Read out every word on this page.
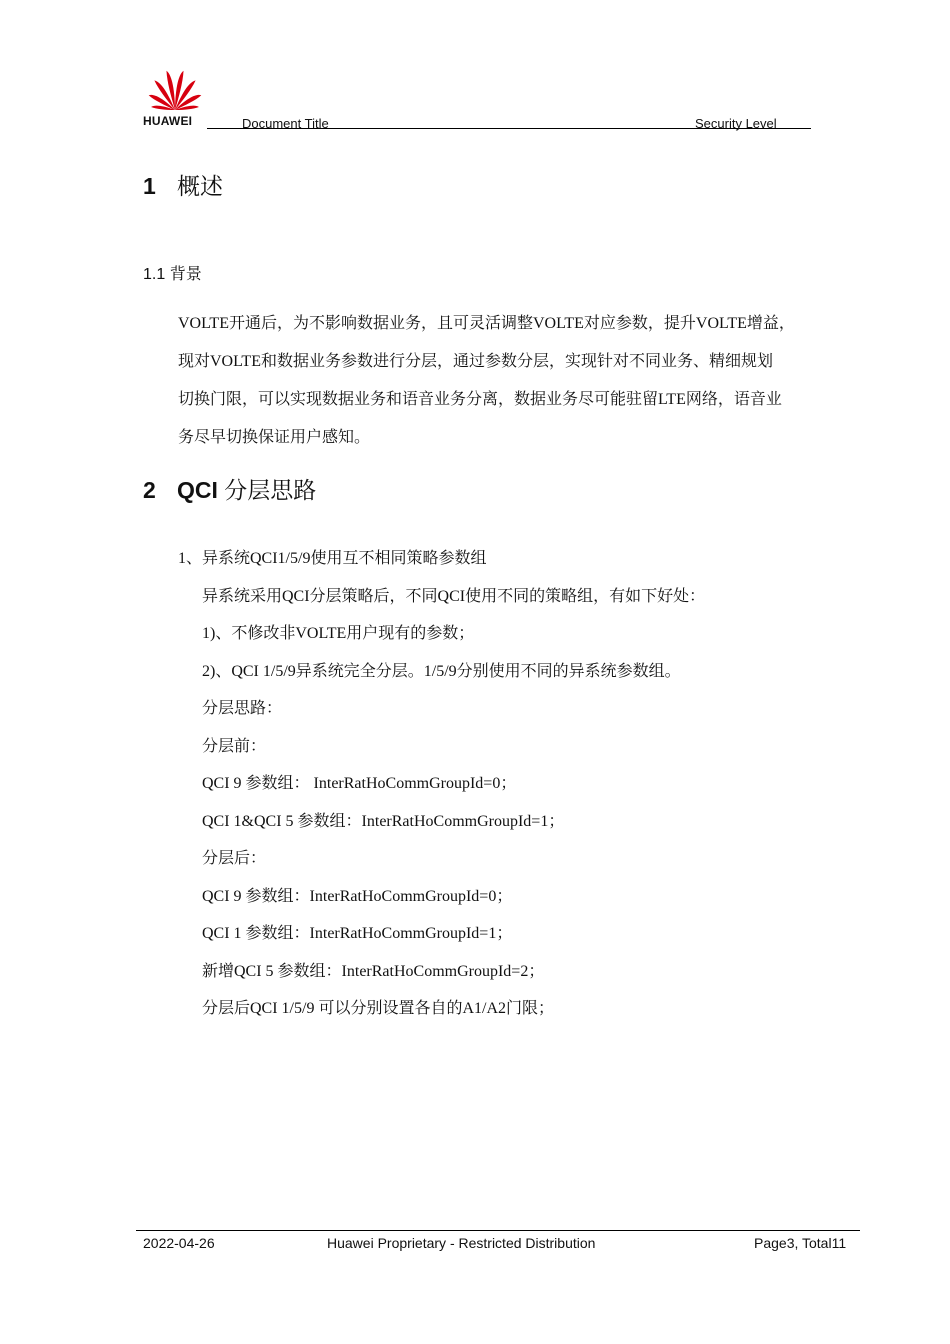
HUAWEI	Document Title	Security Level
1 概述
1.1 背景

VOLTE开通后，为不影响数据业务，且可灵活调整VOLTE对应参数，提升VOLTE增益，

现对VOLTE和数据业务参数进行分层，通过参数分层，实现针对不同业务、精细规划

切换门限，可以实现数据业务和语音业务分离，数据业务尽可能驻留LTE网络，语音业

务尽早切换保证用户感知。

2 QCI 分层思路

1、异系统QCI1/5/9使用互不相同策略参数组

异系统采用QCI分层策略后，不同QCI使用不同的策略组，有如下好处：

1)、不修改非VOLTE用户现有的参数；

2)、QCI 1/5/9异系统完全分层。1/5/9分别使用不同的异系统参数组。

分层思路：

分层前：

QCI 9 参数组： InterRatHoCommGroupId=0；

QCI 1&QCI 5 参数组：InterRatHoCommGroupId=1；

分层后：

QCI 9 参数组：InterRatHoCommGroupId=0；

QCI 1 参数组：InterRatHoCommGroupId=1；

新增QCI 5 参数组：InterRatHoCommGroupId=2；

分层后QCI 1/5/9 可以分别设置各自的A1/A2门限；

2022-04-26	Huawei Proprietary - Restricted Distribution	Page3, Total11
